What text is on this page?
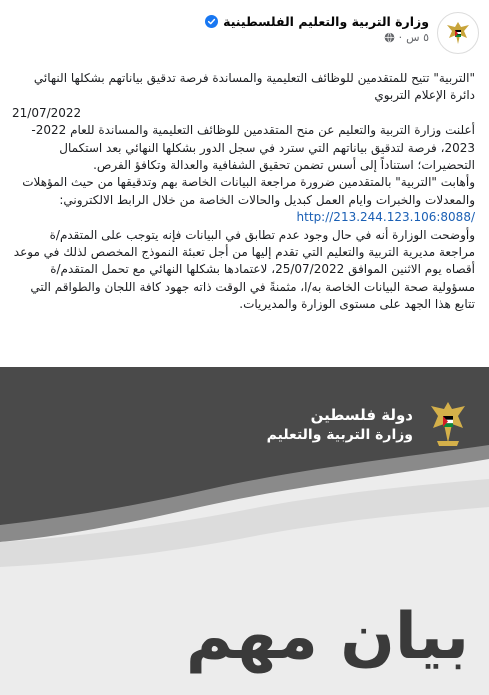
وزارة التربية والتعليم الفلسطينية
٥ س
·

"التربية" تتيح للمتقدمين للوظائف التعليمية والمساندة فرصة تدقيق بياناتهم بشكلها النهائي

دائرة الإعلام التربوي

21/07/2022

أعلنت وزارة التربية والتعليم عن منح المتقدمين للوظائف التعليمية والمساندة للعام 2022-2023، فرصة لتدقيق بياناتهم التي سترد في سجل الدور بشكلها النهائي بعد استكمال التحضيرات؛ استناداً إلى أسس تضمن تحقيق الشفافية والعدالة وتكافؤ الفرص.

وأهابت "التربية" بالمتقدمين ضرورة مراجعة البيانات الخاصة بهم وتدقيقها من حيث المؤهلات والمعدلات والخبرات وايام العمل كبديل والحالات الخاصة من خلال الرابط الالكتروني: http://213.244.123.106:8088/

وأوضحت الوزارة أنه في حال وجود عدم تطابق في البيانات فإنه يتوجب على المتقدم/ة مراجعة مديرية التربية والتعليم التي تقدم إليها من أجل تعبئة النموذج المخصص لذلك في موعد أقصاه يوم الاثنين الموافق 25/07/2022، لاعتمادها بشكلها النهائي مع تحمل المتقدم/ة مسؤولية صحة البيانات الخاصة به/ا، مثمنةً في الوقت ذاته جهود كافة اللجان والطواقم التي تتابع هذا الجهد على مستوى الوزارة والمديريات.

دولة فلسطين
وزارة التربية والتعليم
بيان مهم
